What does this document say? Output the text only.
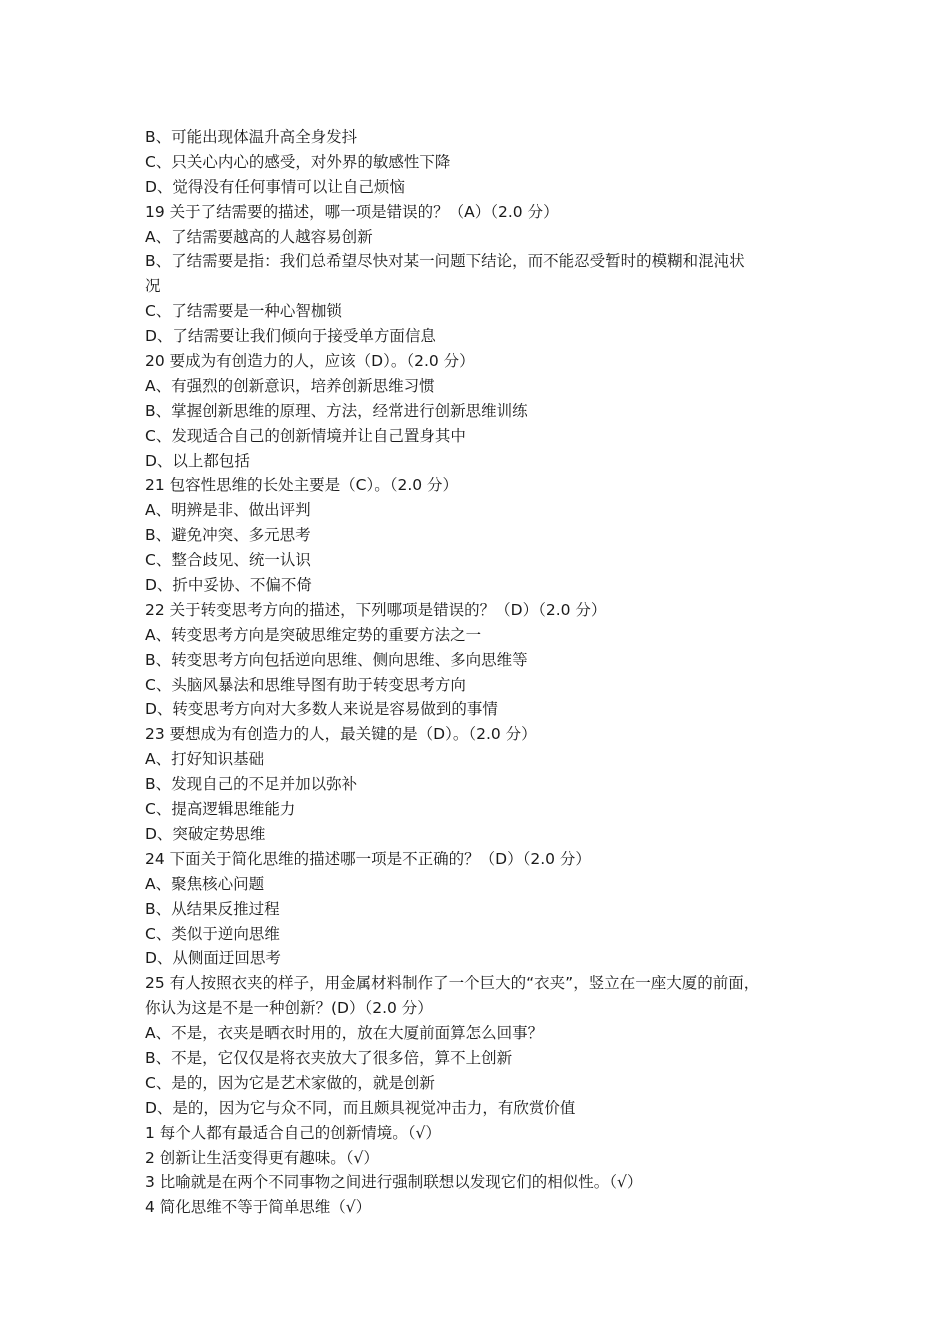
B、可能出现体温升高全身发抖
C、只关心内心的感受，对外界的敏感性下降
D、觉得没有任何事情可以让自己烦恼
19 关于了结需要的描述，哪一项是错误的？（A）（2.0 分）
A、了结需要越高的人越容易创新
B、了结需要是指：我们总希望尽快对某一问题下结论，而不能忍受暂时的模糊和混沌状
况
C、了结需要是一种心智枷锁
D、了结需要让我们倾向于接受单方面信息
20 要成为有创造力的人，应该（D）。（2.0 分）
A、有强烈的创新意识，培养创新思维习惯
B、掌握创新思维的原理、方法，经常进行创新思维训练
C、发现适合自己的创新情境并让自己置身其中
D、以上都包括
21 包容性思维的长处主要是（C）。（2.0 分）
A、明辨是非、做出评判
B、避免冲突、多元思考
C、整合歧见、统一认识
D、折中妥协、不偏不倚
22 关于转变思考方向的描述，下列哪项是错误的？（D）（2.0 分）
A、转变思考方向是突破思维定势的重要方法之一
B、转变思考方向包括逆向思维、侧向思维、多向思维等
C、头脑风暴法和思维导图有助于转变思考方向
D、转变思考方向对大多数人来说是容易做到的事情
23 要想成为有创造力的人，最关键的是（D）。（2.0 分）
A、打好知识基础
B、发现自己的不足并加以弥补
C、提高逻辑思维能力
D、突破定势思维
24 下面关于简化思维的描述哪一项是不正确的？（D）（2.0 分）
A、聚焦核心问题
B、从结果反推过程
C、类似于逆向思维
D、从侧面迂回思考
25 有人按照衣夹的样子，用金属材料制作了一个巨大的“衣夹”，竖立在一座大厦的前面，
你认为这是不是一种创新？(D）（2.0 分）
A、不是，衣夹是晒衣时用的，放在大厦前面算怎么回事？
B、不是，它仅仅是将衣夹放大了很多倍，算不上创新
C、是的，因为它是艺术家做的，就是创新
D、是的，因为它与众不同，而且颇具视觉冲击力，有欣赏价值
1 每个人都有最适合自己的创新情境。（√）
2 创新让生活变得更有趣味。（√）
3 比喻就是在两个不同事物之间进行强制联想以发现它们的相似性。（√）
4 简化思维不等于简单思维（√）
